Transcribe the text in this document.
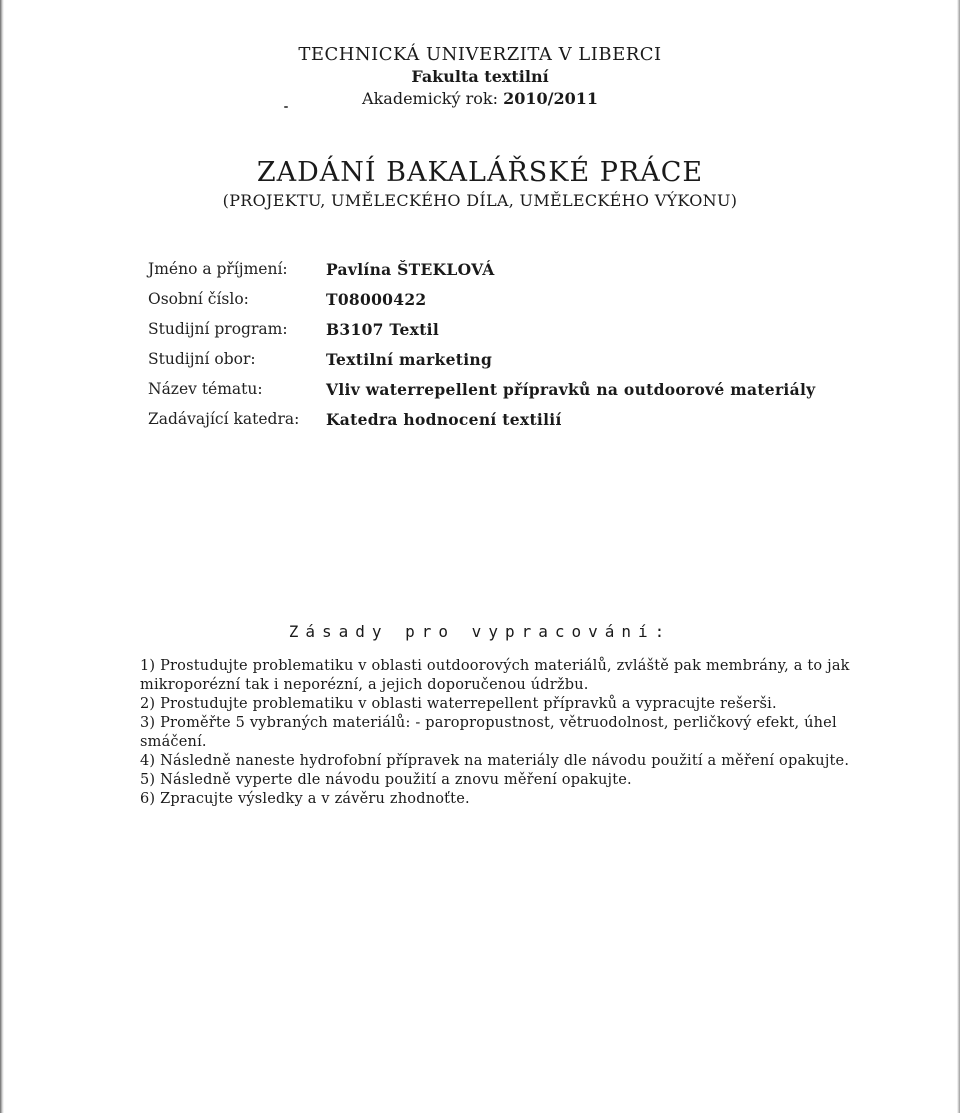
TECHNICKÁ UNIVERZITA V LIBERCI
Fakulta textilní
Akademický rok: 2010/2011
ZADÁNÍ BAKALÁŘSKÉ PRÁCE
(PROJEKTU, UMĚLECKÉHO DÍLA, UMĚLECKÉHO VÝKONU)
Jméno a příjmení:	Pavlína ŠTEKLOVÁ
Osobní číslo:	T08000422
Studijní program:	B3107 Textil
Studijní obor:	Textilní marketing
Název tématu:	Vliv waterrepellent přípravků na outdoorové materiály
Zadávající katedra:	Katedra hodnocení textilií
Zásady pro vypracování:

1) Prostudujte problematiku v oblasti outdoorových materiálů, zvláště pak membrány, a to jak mikroporézní tak i neporézní, a jejich doporučenou údržbu.

2) Prostudujte problematiku v oblasti waterrepellent přípravků a vypracujte rešerši.

3) Proměřte 5 vybraných materiálů: - paropropustnost, větruodolnost, perličkový efekt, úhel smáčení.

4) Následně naneste hydrofobní přípravek na materiály dle návodu použití a měření opakujte.

5) Následně vyperte dle návodu použití a znovu měření opakujte.

6) Zpracujte výsledky a v závěru zhodnoťte.
